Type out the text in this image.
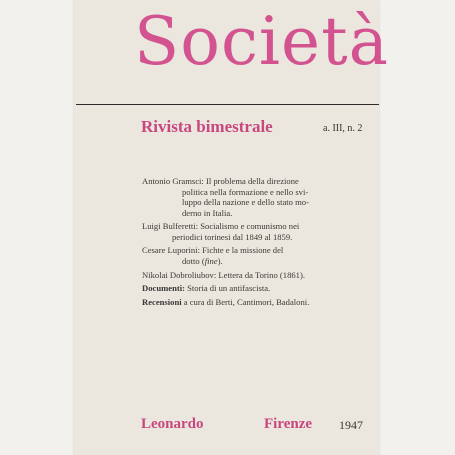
Società
Rivista bimestrale	a. III, n. 2
Antonio Gramsci: Il problema della direzione
politica nella formazione e nello svi-
luppo della nazione e dello stato mo-
derno in Italia.
Luigi Bulferetti: Socialismo e comunismo nei
periodici torinesi dal 1849 al 1859.
Cesare Luporini: Fichte e la missione del
dotto (fine).
Nikolai Dobroliubov: Lettera da Torino (1861).
Documenti: Storia di un antifascista.
Recensioni a cura di Berti, Cantimori, Badaloni.
Leonardo	Firenze 1947
